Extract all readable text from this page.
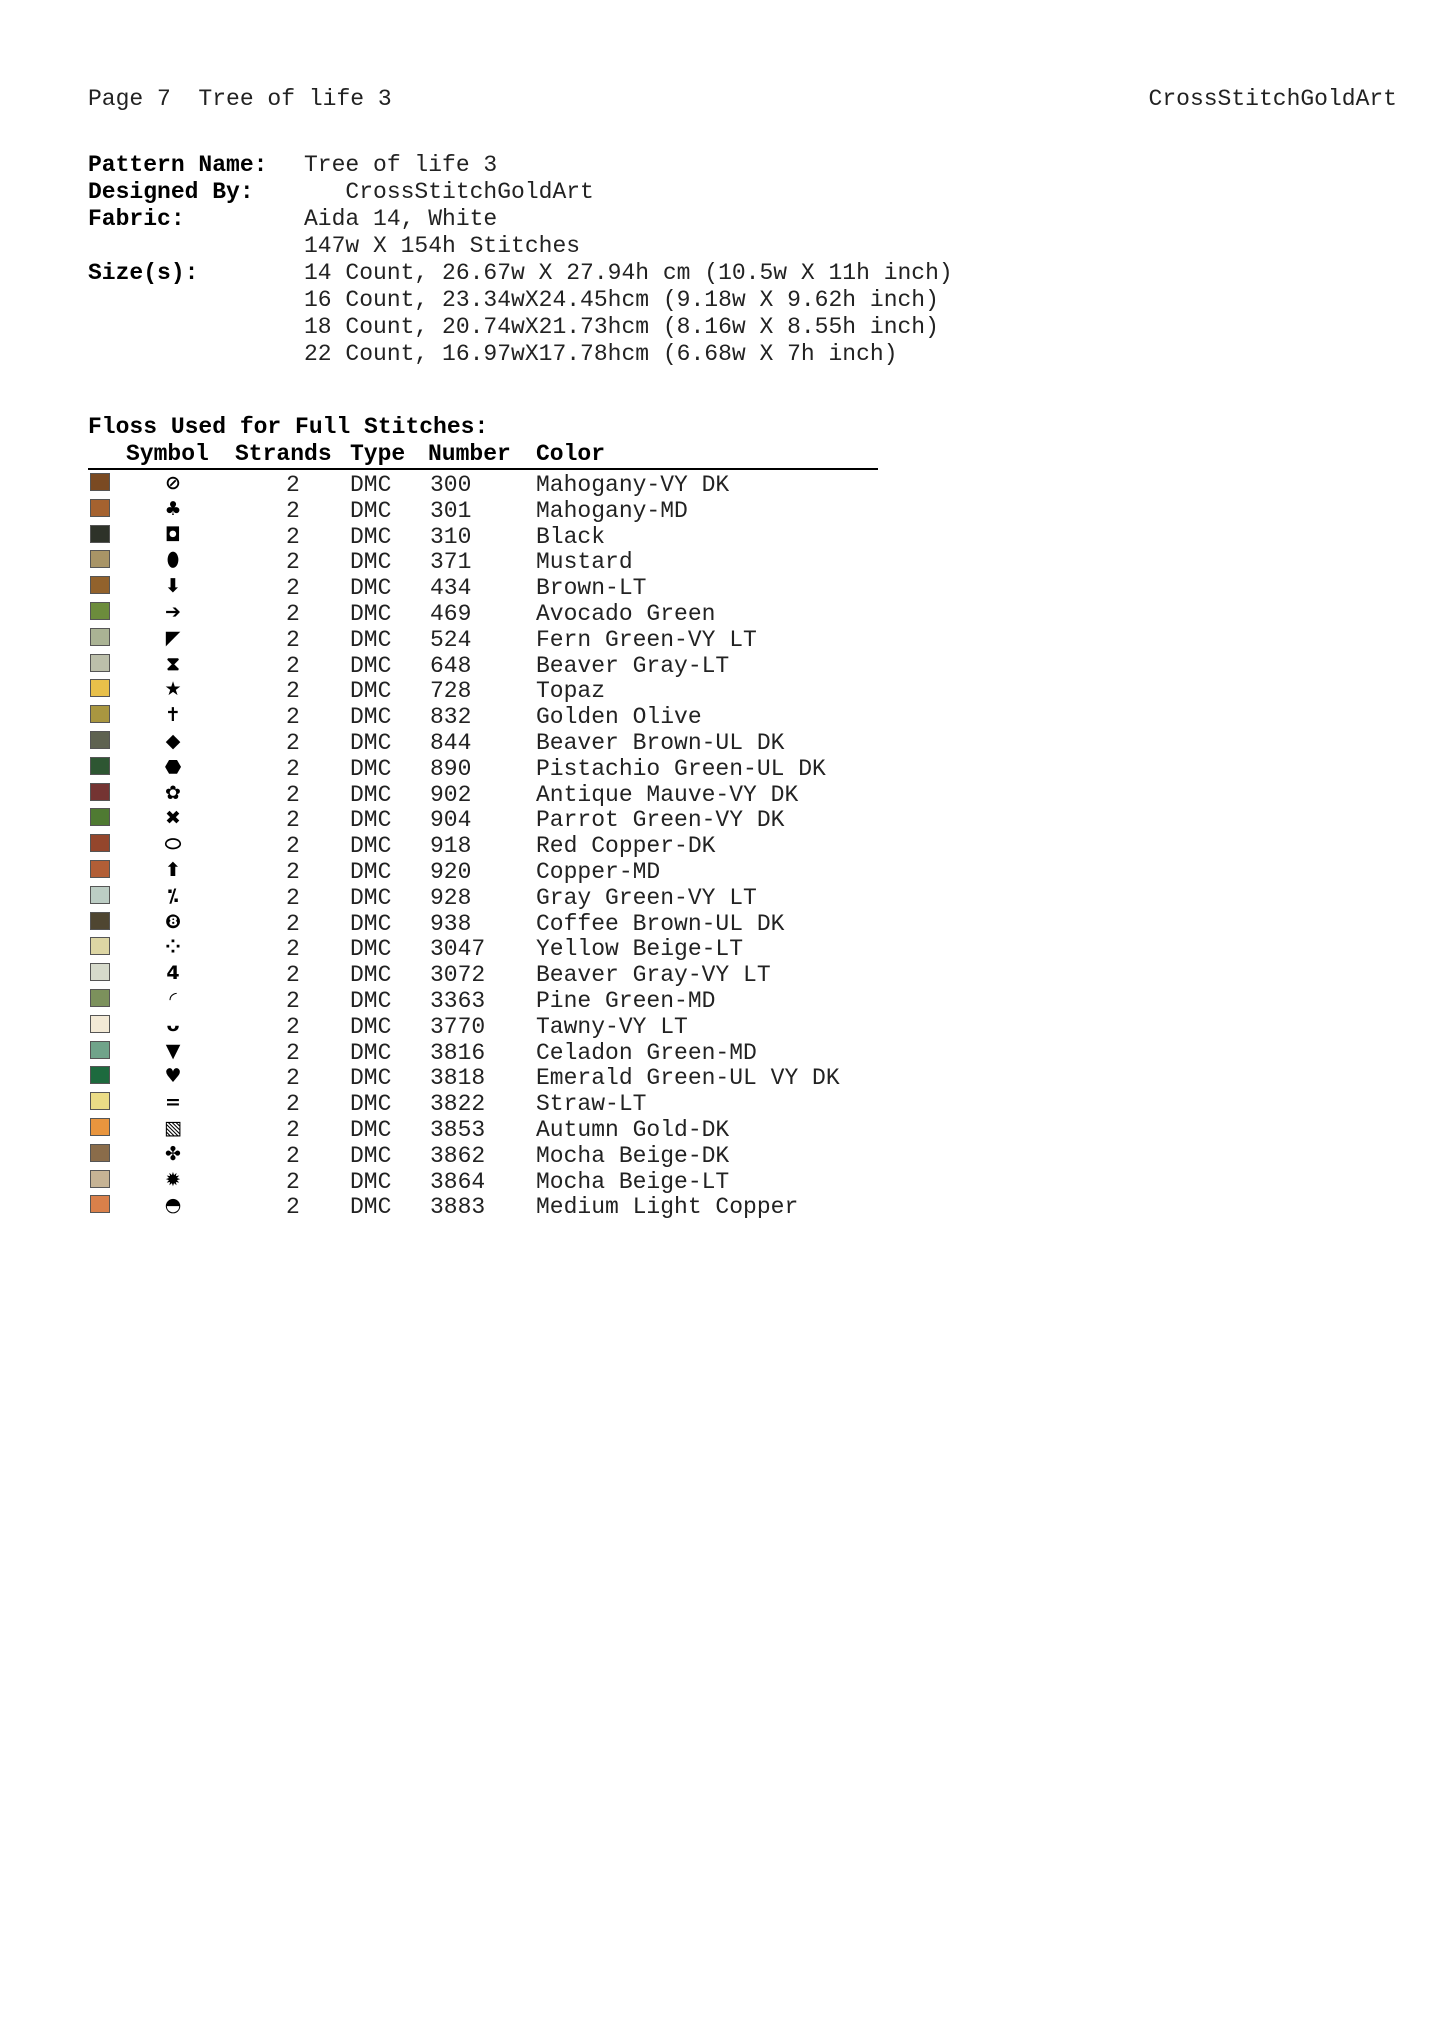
Page 7  Tree of life 3	CrossStitchGoldArt
Pattern Name:	Tree of life 3
Designed By:	CrossStitchGoldArt
Fabric:	Aida 14, White
147w X 154h Stitches
Size(s):	14 Count, 26.67w X 27.94h cm (10.5w X 11h inch)
16 Count, 23.34wX24.45hcm (9.18w X 9.62h inch)
18 Count, 20.74wX21.73hcm (8.16w X 8.55h inch)
22 Count, 16.97wX17.78hcm (6.68w X 7h inch)
Floss Used for Full Stitches:
Symbol Strands Type Number Color
⊘	2 DMC 300	Mahogany-VY DK
♣	2 DMC 301	Mahogany-MD
◘	2 DMC 310	Black
⬮	2 DMC 371	Mustard
⬇	2 DMC 434	Brown-LT
➔	2 DMC 469	Avocado Green
◤	2 DMC 524	Fern Green-VY LT
⧗	2 DMC 648	Beaver Gray-LT
★	2 DMC 728	Topaz
✝	2 DMC 832	Golden Olive
◆	2 DMC 844	Beaver Brown-UL DK
⬣	2 DMC 890	Pistachio Green-UL DK
✿	2 DMC 902	Antique Mauve-VY DK
✖	2 DMC 904	Parrot Green-VY DK
⬭	2 DMC 918	Red Copper-DK
⬆	2 DMC 920	Copper-MD
⁒	2 DMC 928	Gray Green-VY LT
❽	2 DMC 938	Coffee Brown-UL DK
⁘	2 DMC 3047 Yellow Beige-LT
4	2 DMC 3072 Beaver Gray-VY LT
◜	2 DMC 3363 Pine Green-MD
ᴗ	2 DMC 3770 Tawny-VY LT
▼	2 DMC 3816 Celadon Green-MD
♥	2 DMC 3818 Emerald Green-UL VY DK
=	2 DMC 3822 Straw-LT
▧	2 DMC 3853 Autumn Gold-DK
✤	2 DMC 3862 Mocha Beige-DK
✹	2 DMC 3864 Mocha Beige-LT
◓	2 DMC 3883 Medium Light Copper
